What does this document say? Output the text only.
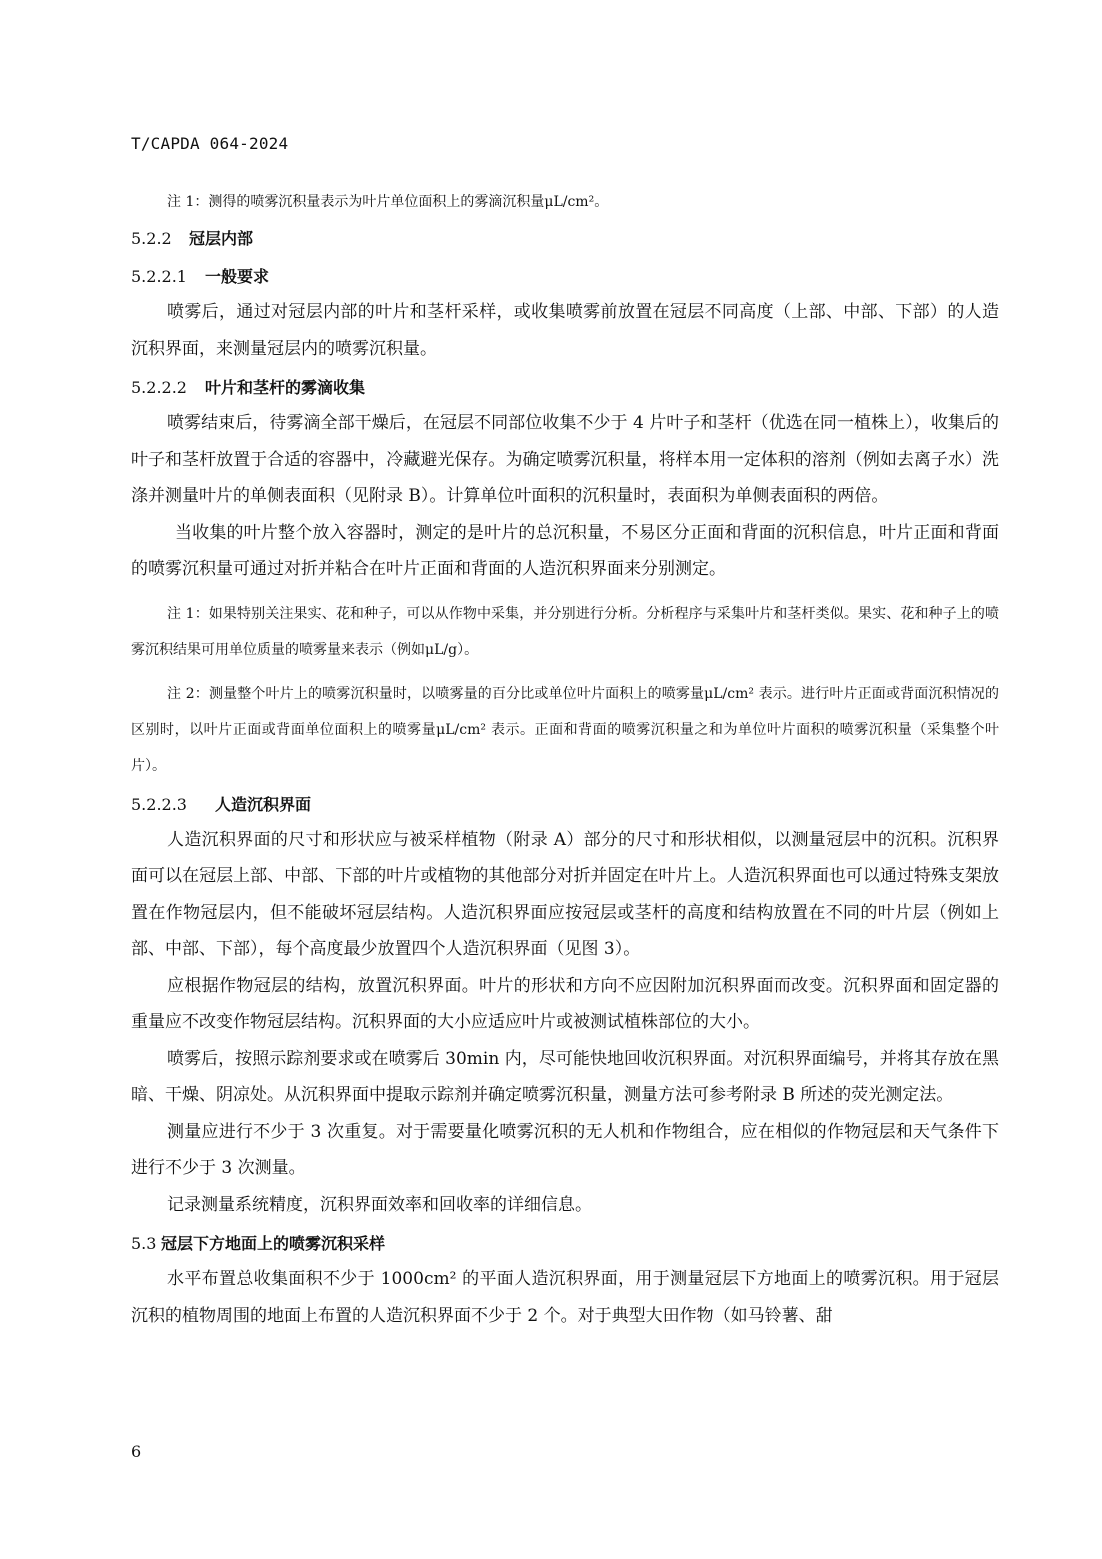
T/CAPDA 064-2024

注 1：测得的喷雾沉积量表示为叶片单位面积上的雾滴沉积量μL/cm²。

5.2.2	冠层内部
5.2.2.1	一般要求

喷雾后，通过对冠层内部的叶片和茎杆采样，或收集喷雾前放置在冠层不同高度（上部、中部、下部）的人造沉积界面，来测量冠层内的喷雾沉积量。

5.2.2.2	叶片和茎杆的雾滴收集

喷雾结束后，待雾滴全部干燥后，在冠层不同部位收集不少于 4 片叶子和茎杆（优选在同一植株上），收集后的叶子和茎杆放置于合适的容器中，冷藏避光保存。为确定喷雾沉积量，将样本用一定体积的溶剂（例如去离子水）洗涤并测量叶片的单侧表面积（见附录 B）。计算单位叶面积的沉积量时，表面积为单侧表面积的两倍。

当收集的叶片整个放入容器时，测定的是叶片的总沉积量，不易区分正面和背面的沉积信息，叶片正面和背面的喷雾沉积量可通过对折并粘合在叶片正面和背面的人造沉积界面来分别测定。

注 1：如果特别关注果实、花和种子，可以从作物中采集，并分别进行分析。分析程序与采集叶片和茎杆类似。果实、花和种子上的喷雾沉积结果可用单位质量的喷雾量来表示（例如μL/g）。

注 2：测量整个叶片上的喷雾沉积量时，以喷雾量的百分比或单位叶片面积上的喷雾量μL/cm² 表示。进行叶片正面或背面沉积情况的区别时，以叶片正面或背面单位面积上的喷雾量μL/cm² 表示。正面和背面的喷雾沉积量之和为单位叶片面积的喷雾沉积量（采集整个叶片）。

5.2.2.3	人造沉积界面

人造沉积界面的尺寸和形状应与被采样植物（附录 A）部分的尺寸和形状相似，以测量冠层中的沉积。沉积界面可以在冠层上部、中部、下部的叶片或植物的其他部分对折并固定在叶片上。人造沉积界面也可以通过特殊支架放置在作物冠层内，但不能破坏冠层结构。人造沉积界面应按冠层或茎杆的高度和结构放置在不同的叶片层（例如上部、中部、下部），每个高度最少放置四个人造沉积界面（见图 3）。

应根据作物冠层的结构，放置沉积界面。叶片的形状和方向不应因附加沉积界面而改变。沉积界面和固定器的重量应不改变作物冠层结构。沉积界面的大小应适应叶片或被测试植株部位的大小。

喷雾后，按照示踪剂要求或在喷雾后 30min 内，尽可能快地回收沉积界面。对沉积界面编号，并将其存放在黑暗、干燥、阴凉处。从沉积界面中提取示踪剂并确定喷雾沉积量，测量方法可参考附录 B 所述的荧光测定法。

测量应进行不少于 3 次重复。对于需要量化喷雾沉积的无人机和作物组合，应在相似的作物冠层和天气条件下进行不少于 3 次测量。

记录测量系统精度，沉积界面效率和回收率的详细信息。

5.3 冠层下方地面上的喷雾沉积采样

水平布置总收集面积不少于 1000cm² 的平面人造沉积界面，用于测量冠层下方地面上的喷雾沉积。用于冠层沉积的植物周围的地面上布置的人造沉积界面不少于 2 个。对于典型大田作物（如马铃薯、甜

6
